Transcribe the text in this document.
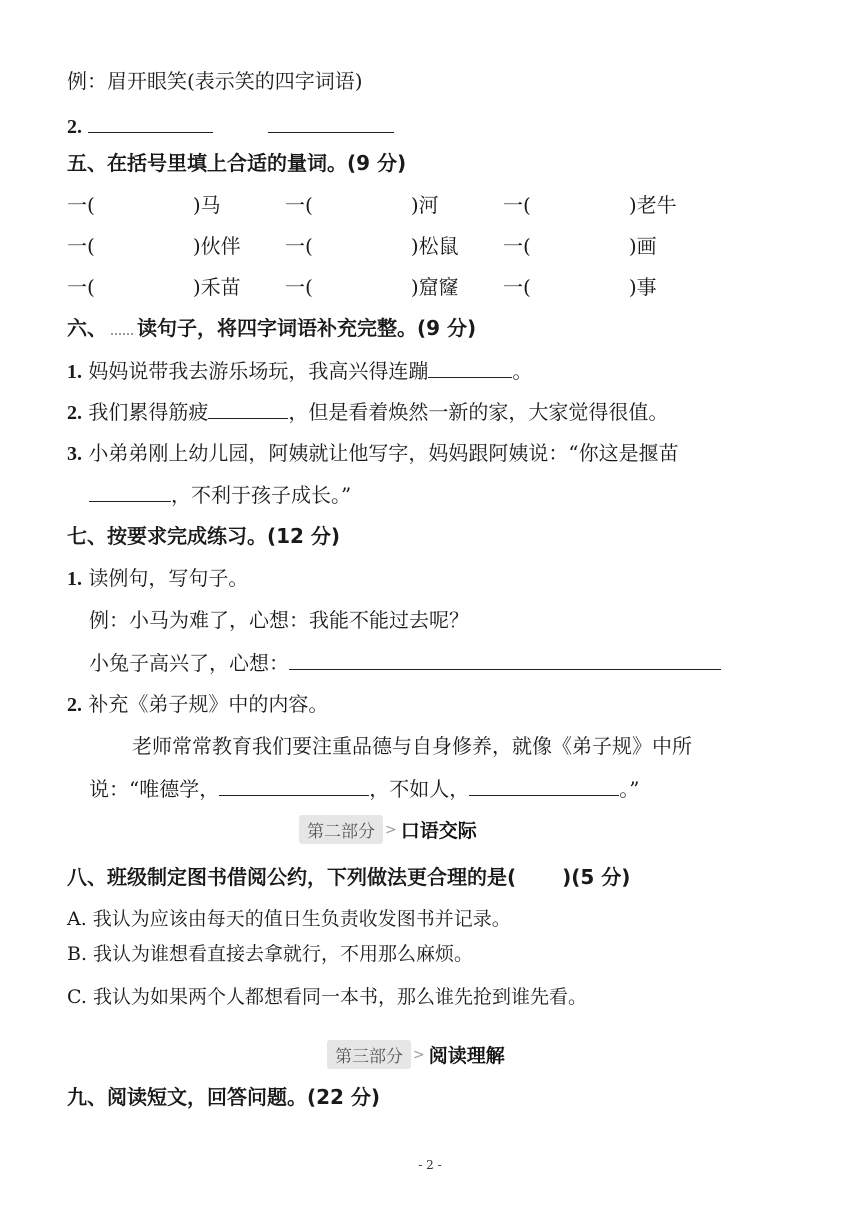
例：眉开眼笑(表示笑的四字词语)
2.
五、在括号里填上合适的量词。(9 分)
一(	)马	一(	)河	一(	)老牛
一(	)伙伴 一(	)松鼠 一(	)画
一(	)禾苗 一(	)窟窿 一(	)事
六、 读句子，将四字词语补充完整。(9 分)
1. 妈妈说带我去游乐场玩，我高兴得连蹦	。
2. 我们累得筋疲	，但是看着焕然一新的家，大家觉得很值。
3. 小弟弟刚上幼儿园，阿姨就让他写字，妈妈跟阿姨说：“你这是揠苗
，不利于孩子成长。”
七、按要求完成练习。(12 分)
1. 读例句，写句子。
例：小马为难了，心想：我能不能过去呢？
小兔子高兴了，心想：
2. 补充《弟子规》中的内容。
老师常常教育我们要注重品德与自身修养，就像《弟子规》中所
说：“唯德学，	，不如人，	。”
第二部分 > 口语交际
八、班级制定图书借阅公约，下列做法更合理的是( )(5 分)
A. 我认为应该由每天的值日生负责收发图书并记录。
B. 我认为谁想看直接去拿就行，不用那么麻烦。
C. 我认为如果两个人都想看同一本书，那么谁先抢到谁先看。
第三部分 > 阅读理解
九、阅读短文，回答问题。(22 分)
- 2 -
